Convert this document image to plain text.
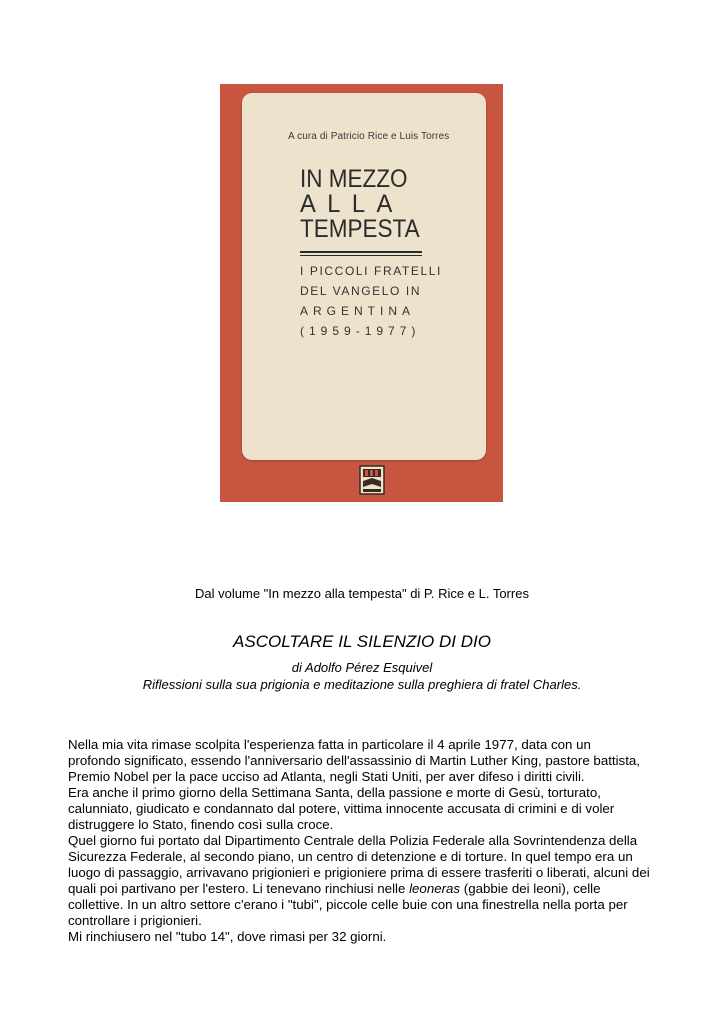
A cura di Patricio Rice e Luis Torres
IN MEZZO
ALLA
TEMPESTA
I PICCOLI FRATELLI
DEL VANGELO IN
ARGENTINA
(1959-1977)
Dal volume "In mezzo alla tempesta" di P. Rice e L. Torres
ASCOLTARE IL SILENZIO DI DIO
di Adolfo Pérez Esquivel
Riflessioni sulla sua prigionia e meditazione sulla preghiera di fratel Charles.
Nella mia vita rimase scolpita l'esperienza fatta in particolare il 4 aprile 1977, data con un
profondo significato, essendo l'anniversario dell'assassinio di Martin Luther King, pastore battista,
Premio Nobel per la pace ucciso ad Atlanta, negli Stati Uniti, per aver difeso i diritti civili.
Era anche il primo giorno della Settimana Santa, della passione e morte di Gesù, torturato,
calunniato, giudicato e condannato dal potere, vittima innocente accusata di crimini e di voler
distruggere lo Stato, finendo così sulla croce.
Quel giorno fui portato dal Dipartimento Centrale della Polizia Federale alla Sovrintendenza della
Sicurezza Federale, al secondo piano, un centro di detenzione e di torture. In quel tempo era un
luogo di passaggio, arrivavano prigionieri e prigioniere prima di essere trasferiti o liberati, alcuni dei
quali poi partivano per l'estero. Li tenevano rinchiusi nelle leoneras (gabbie dei leoni), celle
collettive. In un altro settore c'erano i "tubi", piccole celle buie con una finestrella nella porta per
controllare i prigionieri.
Mi rinchiusero nel "tubo 14", dove rimasi per 32 giorni.
